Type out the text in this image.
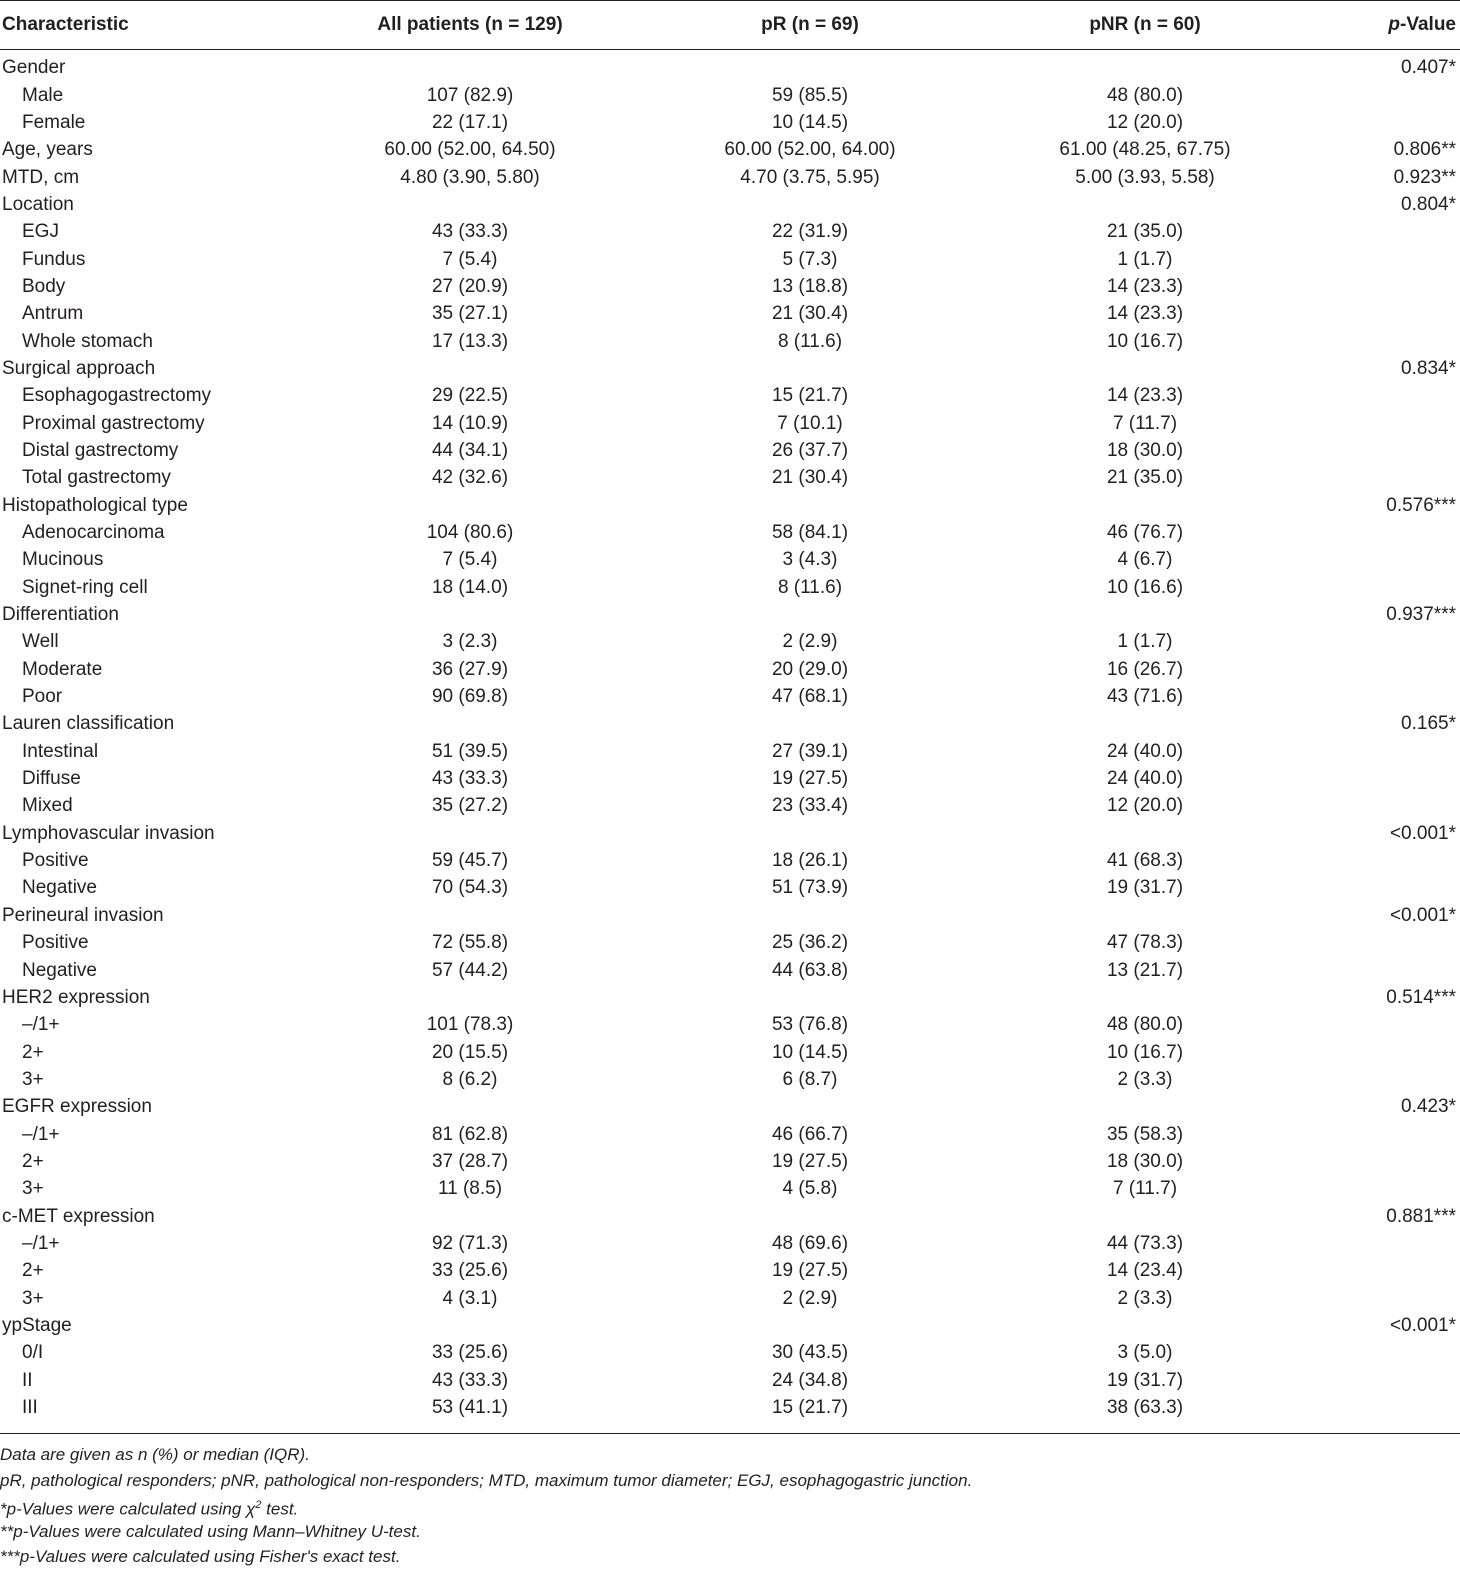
Characteristic	All patients (n = 129)	pR (n = 69)	pNR (n = 60)	p-Value
Gender				0.407*
Male	107 (82.9)	59 (85.5)	48 (80.0)	
Female	22 (17.1)	10 (14.5)	12 (20.0)	
Age, years	60.00 (52.00, 64.50)	60.00 (52.00, 64.00)	61.00 (48.25, 67.75)	0.806**
MTD, cm	4.80 (3.90, 5.80)	4.70 (3.75, 5.95)	5.00 (3.93, 5.58)	0.923**
Location				0.804*
EGJ	43 (33.3)	22 (31.9)	21 (35.0)	
Fundus	7 (5.4)	5 (7.3)	1 (1.7)	
Body	27 (20.9)	13 (18.8)	14 (23.3)	
Antrum	35 (27.1)	21 (30.4)	14 (23.3)	
Whole stomach	17 (13.3)	8 (11.6)	10 (16.7)	
Surgical approach				0.834*
Esophagogastrectomy	29 (22.5)	15 (21.7)	14 (23.3)	
Proximal gastrectomy	14 (10.9)	7 (10.1)	7 (11.7)	
Distal gastrectomy	44 (34.1)	26 (37.7)	18 (30.0)	
Total gastrectomy	42 (32.6)	21 (30.4)	21 (35.0)	
Histopathological type				0.576***
Adenocarcinoma	104 (80.6)	58 (84.1)	46 (76.7)	
Mucinous	7 (5.4)	3 (4.3)	4 (6.7)	
Signet-ring cell	18 (14.0)	8 (11.6)	10 (16.6)	
Differentiation				0.937***
Well	3 (2.3)	2 (2.9)	1 (1.7)	
Moderate	36 (27.9)	20 (29.0)	16 (26.7)	
Poor	90 (69.8)	47 (68.1)	43 (71.6)	
Lauren classification				0.165*
Intestinal	51 (39.5)	27 (39.1)	24 (40.0)	
Diffuse	43 (33.3)	19 (27.5)	24 (40.0)	
Mixed	35 (27.2)	23 (33.4)	12 (20.0)	
Lymphovascular invasion				<0.001*
Positive	59 (45.7)	18 (26.1)	41 (68.3)	
Negative	70 (54.3)	51 (73.9)	19 (31.7)	
Perineural invasion				<0.001*
Positive	72 (55.8)	25 (36.2)	47 (78.3)	
Negative	57 (44.2)	44 (63.8)	13 (21.7)	
HER2 expression				0.514***
–/1+	101 (78.3)	53 (76.8)	48 (80.0)	
2+	20 (15.5)	10 (14.5)	10 (16.7)	
3+	8 (6.2)	6 (8.7)	2 (3.3)	
EGFR expression				0.423*
–/1+	81 (62.8)	46 (66.7)	35 (58.3)	
2+	37 (28.7)	19 (27.5)	18 (30.0)	
3+	11 (8.5)	4 (5.8)	7 (11.7)	
c-MET expression				0.881***
–/1+	92 (71.3)	48 (69.6)	44 (73.3)	
2+	33 (25.6)	19 (27.5)	14 (23.4)	
3+	4 (3.1)	2 (2.9)	2 (3.3)	
ypStage				<0.001*
0/I	33 (25.6)	30 (43.5)	3 (5.0)	
II	43 (33.3)	24 (34.8)	19 (31.7)	
III	53 (41.1)	15 (21.7)	38 (63.3)	

Data are given as n (%) or median (IQR).

pR, pathological responders; pNR, pathological non-responders; MTD, maximum tumor diameter; EGJ, esophagogastric junction.

*p-Values were calculated using $\chi^2$ test.

**p-Values were calculated using Mann–Whitney U-test.

***p-Values were calculated using Fisher's exact test.
